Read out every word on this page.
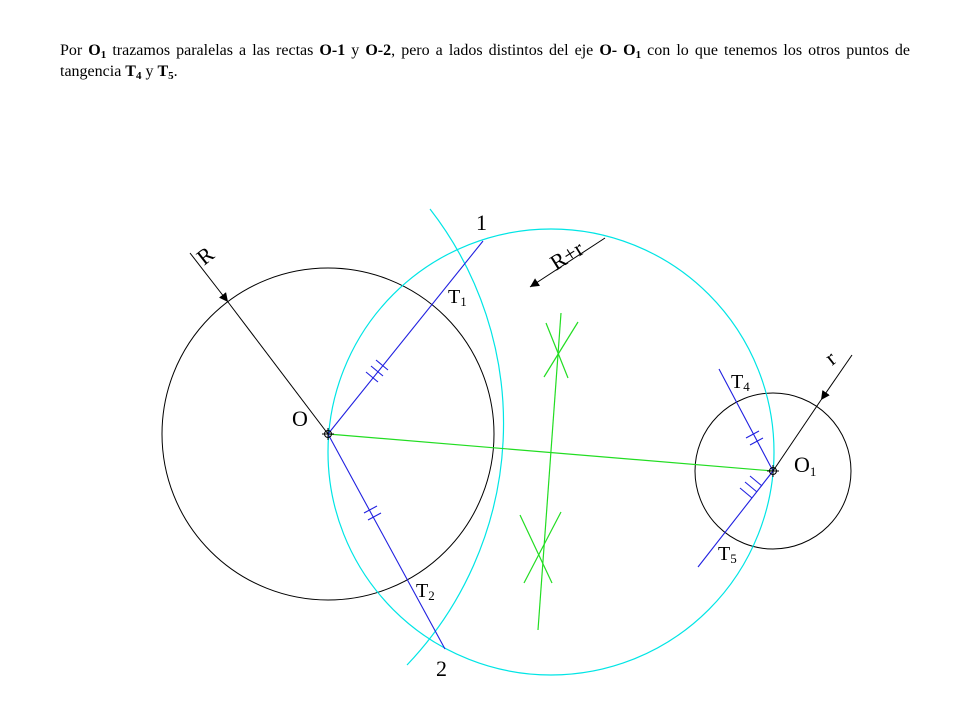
Por $O_1$ trazamos paralelas a las rectas O-1 y O-2, pero a lados distintos del eje O- $O_1$ con lo que tenemos los otros puntos de tangencia $T_4$ y $T_5$.

R	R+r
r
O
O1
1
2
T1
T2
T4
T5
